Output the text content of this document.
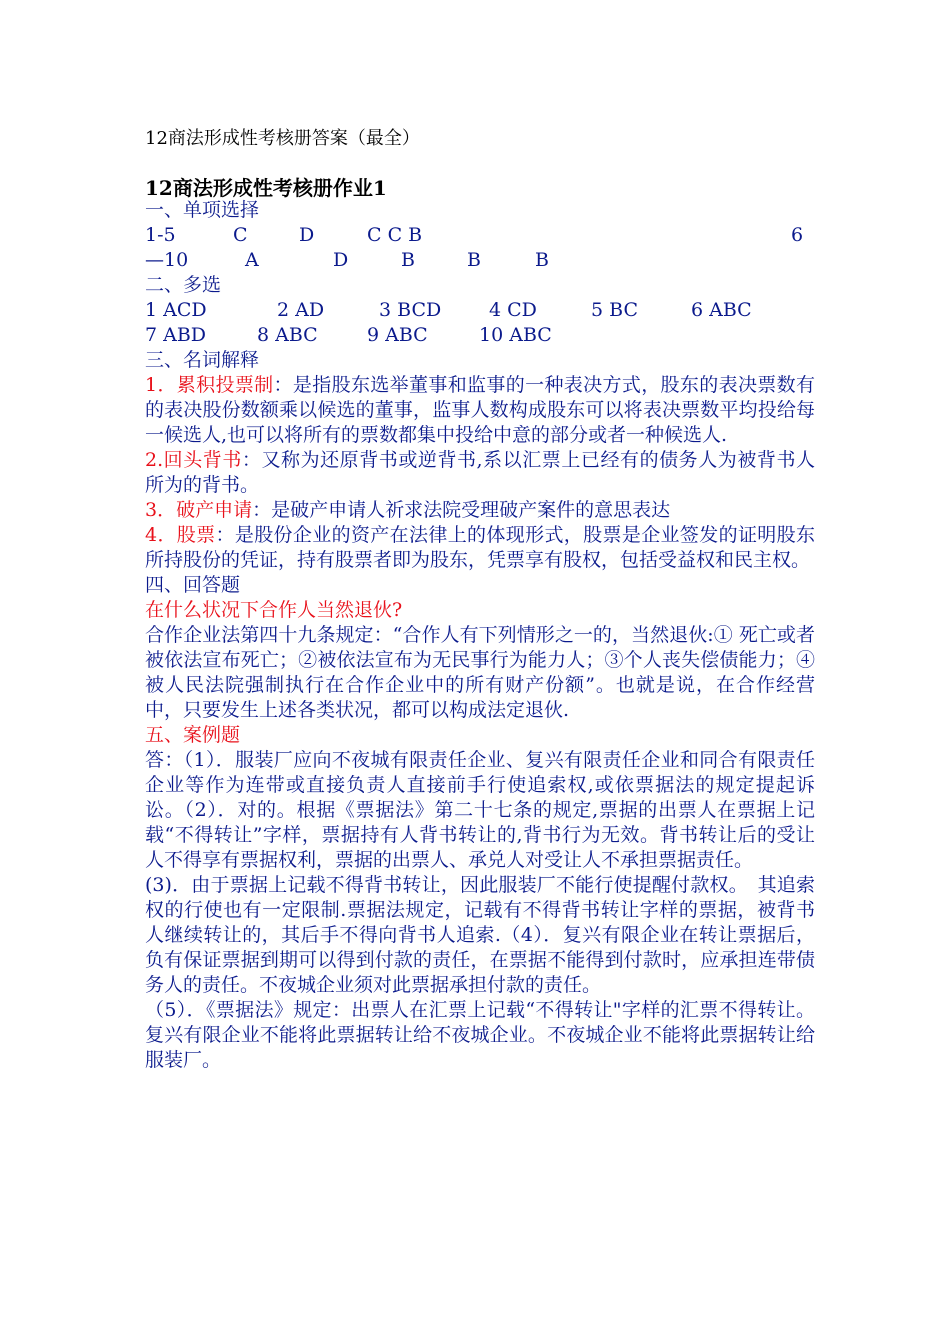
12商法形成性考核册答案（最全）

12商法形成性考核册作业1

一、单项选择
1-5	C	D	C C B	6
—10	A	D	B	B	B
二、多选
1 ACD	2 AD	3 BCD	4 CD	5 BC	6 ABC
7 ABD	8 ABC	9 ABC	10 ABC
三、名词解释
1．累积投票制：是指股东选举董事和监事的一种表决方式，股东的表决票数有的表决股份数额乘以候选的董事，监事人数构成股东可以将表决票数平均投给每一候选人,也可以将所有的票数都集中投给中意的部分或者一种候选人.
2.回头背书：又称为还原背书或逆背书,系以汇票上已经有的债务人为被背书人所为的背书。
3．破产申请：是破产申请人祈求法院受理破产案件的意思表达
4．股票：是股份企业的资产在法律上的体现形式，股票是企业签发的证明股东所持股份的凭证，持有股票者即为股东，凭票享有股权，包括受益权和民主权。
四、回答题
在什么状况下合作人当然退伙?
合作企业法第四十九条规定：“合作人有下列情形之一的，当然退伙:① 死亡或者被依法宣布死亡；②被依法宣布为无民事行为能力人；③个人丧失偿债能力；④被人民法院强制执行在合作企业中的所有财产份额”。也就是说，在合作经营中，只要发生上述各类状况，都可以构成法定退伙.
五、案例题
答：（1）．服装厂应向不夜城有限责任企业、复兴有限责任企业和同合有限责任企业等作为连带或直接负责人直接前手行使追索权,或依票据法的规定提起诉讼。（2）．对的。根据《票据法》第二十七条的规定,票据的出票人在票据上记载“不得转让”字样，票据持有人背书转让的,背书行为无效。背书转让后的受让人不得享有票据权利，票据的出票人、承兑人对受让人不承担票据责任。
(3)．由于票据上记载不得背书转让，因此服装厂不能行使提醒付款权。　其追索权的行使也有一定限制.票据法规定，记载有不得背书转让字样的票据，被背书人继续转让的，其后手不得向背书人追索.（4）．复兴有限企业在转让票据后，负有保证票据到期可以得到付款的责任，在票据不能得到付款时，应承担连带债务人的责任。不夜城企业须对此票据承担付款的责任。
（5）．《票据法》规定：出票人在汇票上记载“不得转让"字样的汇票不得转让。复兴有限企业不能将此票据转让给不夜城企业。不夜城企业不能将此票据转让给服装厂。
